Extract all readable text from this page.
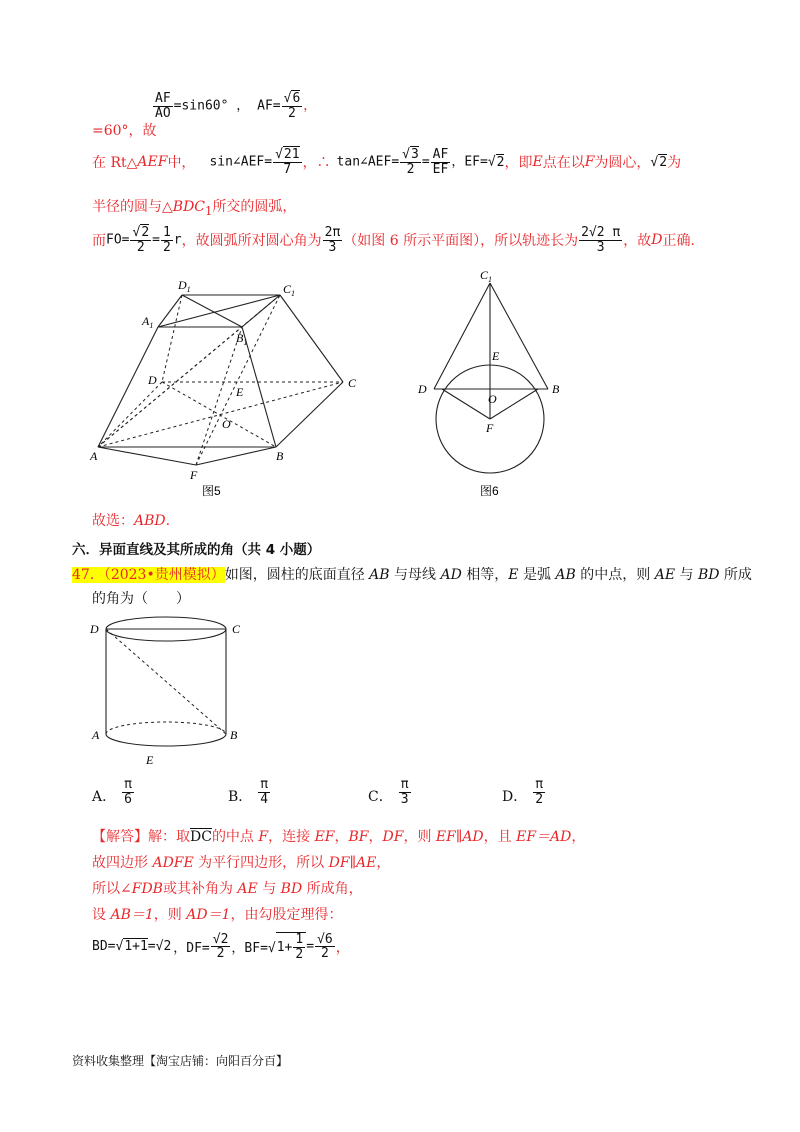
$\frac{AF}{AO} =\sin 60^\circ$ ， $AF= \frac{√6}{2}$ ，
=60°，故
在 Rt△ AEF 中， sin∠AEF= $\frac{√21}{7}$ ，∴ tan∠AEF= $\frac{√3}{2} = \frac{AF}{EF}$ ，EF=√2 ，即 E 点在以 F 为圆心， √2 为
半径的圆与$\triangle BDC_1$所交的圆弧，
而 $FO= \frac{√2}{2} = \frac{1}{2}$ r ，故圆弧所对圆心角为 $\frac{2\pi}{3}$ （如图 6 所示平面图），所以轨迹长为 $\frac{2√2 \pi}{3}$ ，故 D 正确.
$D_1$	$C_1$
$A_1$
$B_1$
D	C
E
O
A	B
F
图5
$C_1$
E
D	B
O
F
图6
故选：ABD.
六．异面直线及其所成的角（共 4 小题）
47．（2023•贵州模拟）如图，圆柱的底面直径 AB 与母线 AD 相等，E 是弧 AB 的中点，则 AE 与 BD 所成
的角为（　　）
D	C
A	B
E
A． $\frac{\pi}{6}$	B． $\frac{\pi}{4}$	C． $\frac{\pi}{3}$	D． $\frac{\pi}{2}$
【解答】解：取DC的中点 F，连接 EF，BF，DF，则 EF∥AD，且 EF＝AD，
故四边形 ADFE 为平行四边形，所以 DF∥AE，
所以∠FDB或其补角为 AE 与 BD 所成角，
设 AB＝1，则 AD＝1，由勾股定理得：
BD=√1+1=√2 ，$DF= \frac{√2}{2}$ ，BF=√ $1+ \frac{1}{2} = \frac{√6}{2}$ ，
资料收集整理【淘宝店铺：向阳百分百】
